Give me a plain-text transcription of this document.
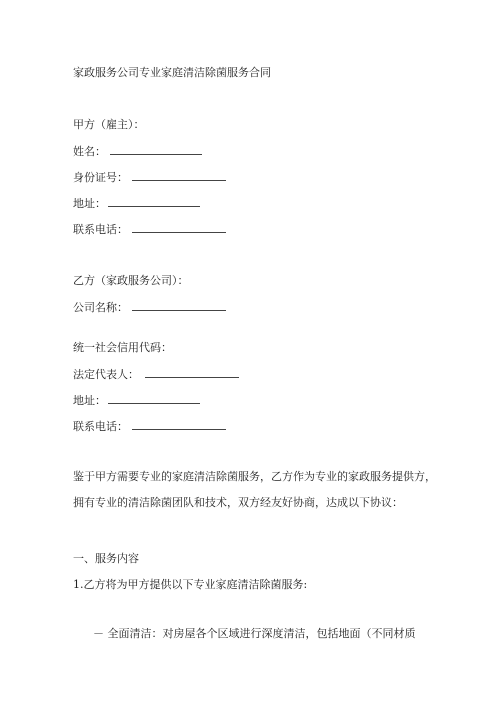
家政服务公司专业家庭清洁除菌服务合同
甲方（雇主）：
姓名：
身份证号：
地址：
联系电话：
乙方（家政服务公司）：
公司名称：
统一社会信用代码：
法定代表人：
地址：
联系电话：
鉴于甲方需要专业的家庭清洁除菌服务，乙方作为专业的家政服务提供方，
拥有专业的清洁除菌团队和技术，双方经友好协商，达成以下协议：
一、服务内容
1.乙方将为甲方提供以下专业家庭清洁除菌服务:
－ 全面清洁：对房屋各个区域进行深度清洁，包括地面（不同材质
